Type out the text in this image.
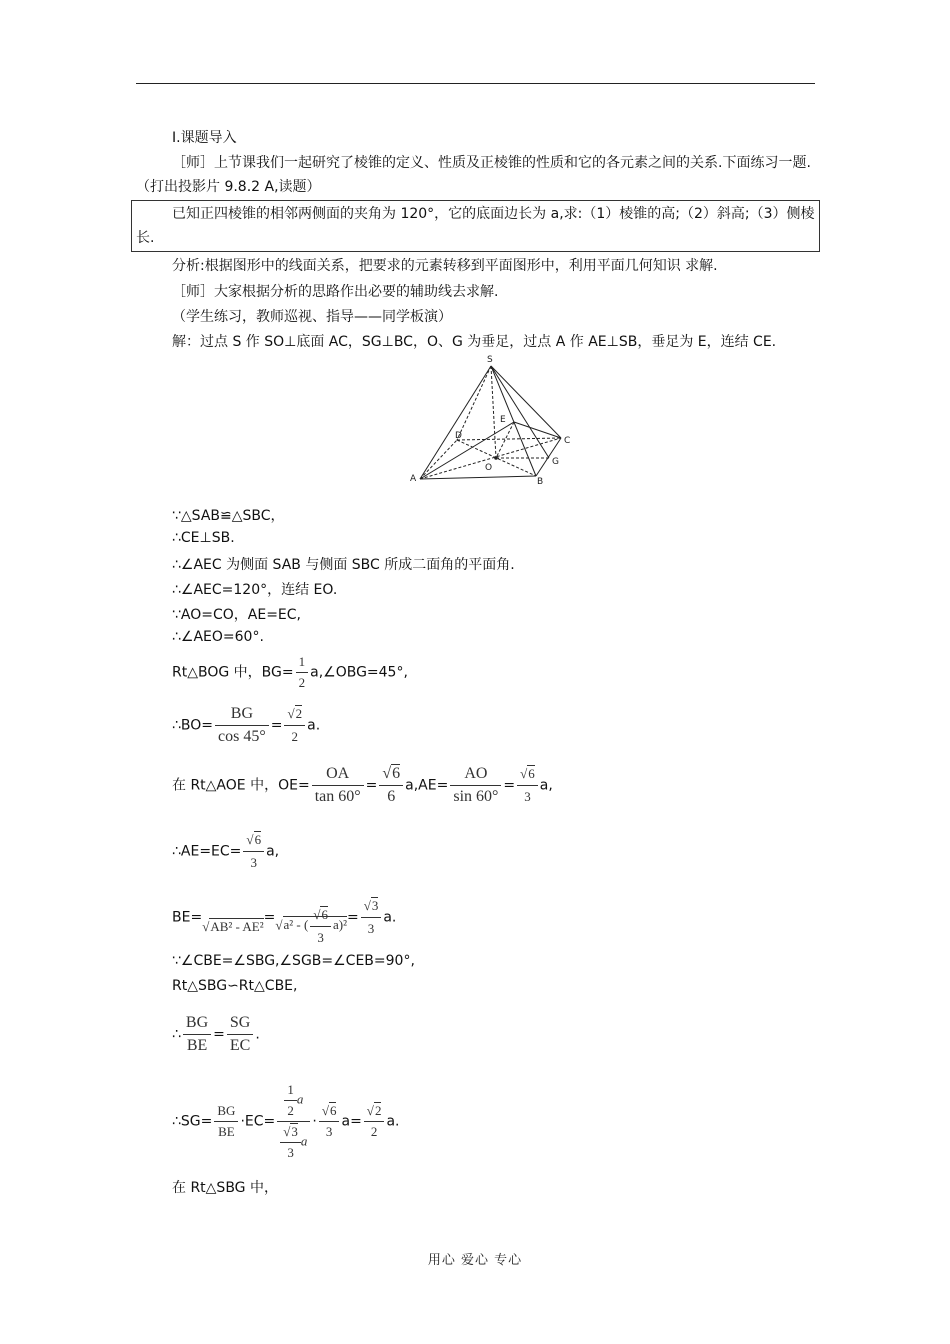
Ⅰ.课题导入
［师］上节课我们一起研究了棱锥的定义、性质及正棱锥的性质和它的各元素之间的关系.下面练习一题.（打出投影片 9.8.2 A,读题）
已知正四棱锥的相邻两侧面的夹角为 120°，它的底面边长为 a,求:（1）棱锥的高;（2）斜高;（3）侧棱长.
分析:根据图形中的线面关系，把要求的元素转移到平面图形中，利用平面几何知识 求解.
［师］大家根据分析的思路作出必要的辅助线去求解.
（学生练习，教师巡视、指导——同学板演）
解：过点 S 作 SO⊥底面 AC，SG⊥BC，O、G 为垂足，过点 A 作 AE⊥SB，垂足为 E，连结 CE.
S
D
E
C
O
G
A	B
∵△SAB≌△SBC，
∴CE⊥SB.
∴∠AEC 为侧面 SAB 与侧面 SBC 所成二面角的平面角.
∴∠AEC=120°，连结 EO.
∵AO=CO，AE=EC,
∴∠AEO=60°.
Rt△BOG 中，$BG= \frac{1}{2}$ a,∠OBG=45°,
∴BO= $\frac{BG}{\cos 45^\circ} = \frac{√2}{2} a$.
在 Rt△AOE 中，$OE= \frac{OA}{\tan 60^\circ} = \frac{√6}{6} a,AE= \frac{AO}{\sin 60^\circ} = \frac{√6}{3} a$,
∴AE=EC= $\frac{√6}{3} a$,
BE=√AB² - AE²=√a² - ( $\frac{√6}{3} a)^2= \frac{√3}{3} a$.
∵∠CBE=∠SBG,∠SGB=∠CEB=90°,
Rt△SBG∽Rt△CBE,
∴ $\frac{BG}{BE} = \frac{SG}{EC}$ .
∴SG= $\frac{BG}{BE} \cdot EC= \frac{\frac{1}{2} a}{\frac{√3}{3} a} \cdot \frac{√6}{3} a= \frac{√2}{2} a$.
在 Rt△SBG 中，
用心 爱心 专心
